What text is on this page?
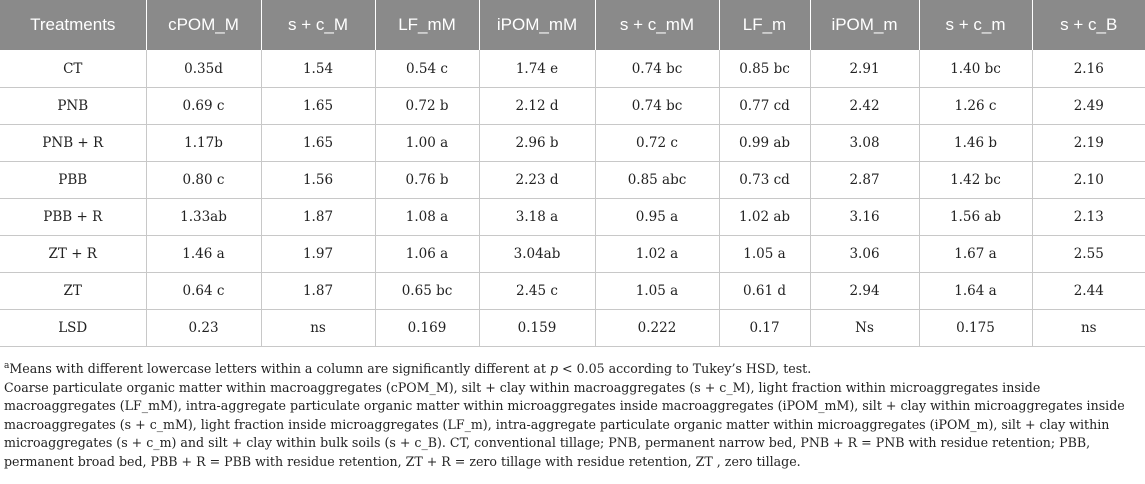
Treatments	cPOM_M	s + c_M	LF_mM	iPOM_mM	s + c_mM	LF_m	iPOM_m	s + c_m	s + c_B
CT	0.35d	1.54	0.54 c	1.74 e	0.74 bc	0.85 bc	2.91	1.40 bc	2.16
PNB	0.69 c	1.65	0.72 b	2.12 d	0.74 bc	0.77 cd	2.42	1.26 c	2.49
PNB + R	1.17b	1.65	1.00 a	2.96 b	0.72 c	0.99 ab	3.08	1.46 b	2.19
PBB	0.80 c	1.56	0.76 b	2.23 d	0.85 abc	0.73 cd	2.87	1.42 bc	2.10
PBB + R	1.33ab	1.87	1.08 a	3.18 a	0.95 a	1.02 ab	3.16	1.56 ab	2.13
ZT + R	1.46 a	1.97	1.06 a	3.04ab	1.02 a	1.05 a	3.06	1.67 a	2.55
ZT	0.64 c	1.87	0.65 bc	2.45 c	1.05 a	0.61 d	2.94	1.64 a	2.44
LSD	0.23	ns	0.169	0.159	0.222	0.17	Ns	0.175	ns

$^a$Means with different lowercase letters within a column are significantly different at p < 0.05 according to Tukey’s HSD, test.

Coarse particulate organic matter within macroaggregates (cPOM_M), silt + clay within macroaggregates (s + c_M), light fraction within microaggregates inside macroaggregates (LF_mM), intra-aggregate particulate organic matter within microaggregates inside macroaggregates (iPOM_mM), silt + clay within microaggregates inside macroaggregates (s + c_mM), light fraction inside microaggregates (LF_m), intra-aggregate particulate organic matter within microaggregates (iPOM_m), silt + clay within microaggregates (s + c_m) and silt + clay within bulk soils (s + c_B). CT, conventional tillage; PNB, permanent narrow bed, PNB + R = PNB with residue retention; PBB, permanent broad bed, PBB + R = PBB with residue retention, ZT + R = zero tillage with residue retention, ZT , zero tillage.
